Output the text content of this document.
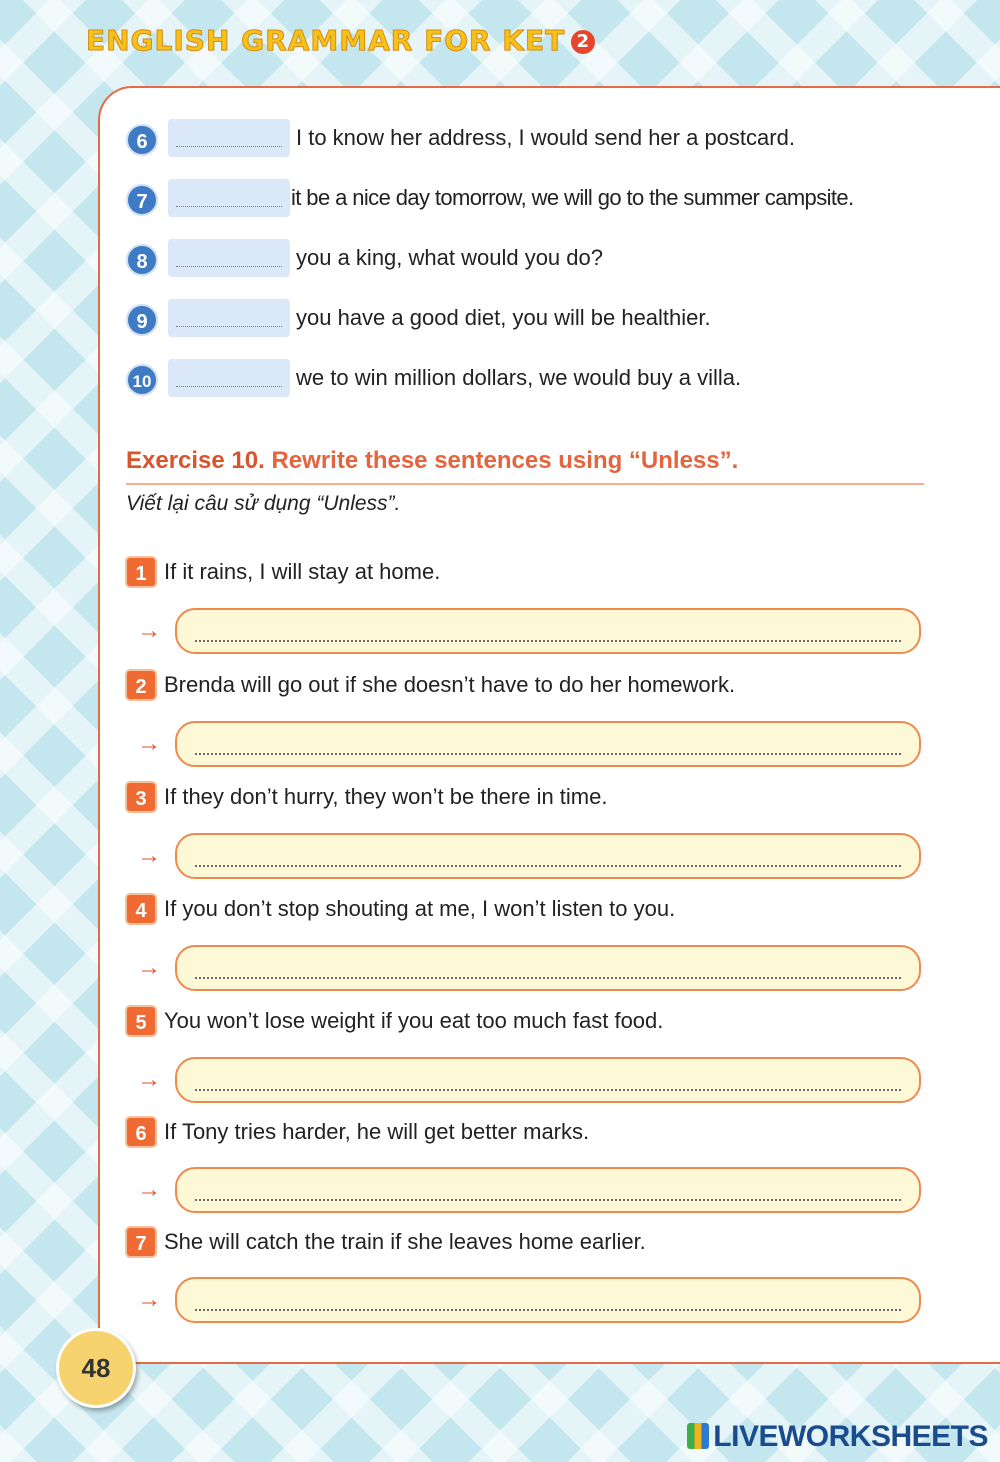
ENGLISH GRAMMAR FOR KET 2
6	I to know her address, I would send her a postcard.
7	it be a nice day tomorrow, we will go to the summer campsite.
8	you a king, what would you do?
9	you have a good diet, you will be healthier.
10	we to win million dollars, we would buy a villa.
Exercise 10. Rewrite these sentences using “Unless”.
Viết lại câu sử dụng “Unless”.
1 If it rains, I will stay at home.
→
2 Brenda will go out if she doesn’t have to do her homework.
→
3 If they don’t hurry, they won’t be there in time.
→
4 If you don’t stop shouting at me, I won’t listen to you.
→
5 You won’t lose weight if you eat too much fast food.
→
6 If Tony tries harder, he will get better marks.
→
7 She will catch the train if she leaves home earlier.
→
48
LIVEWORKSHEETS
